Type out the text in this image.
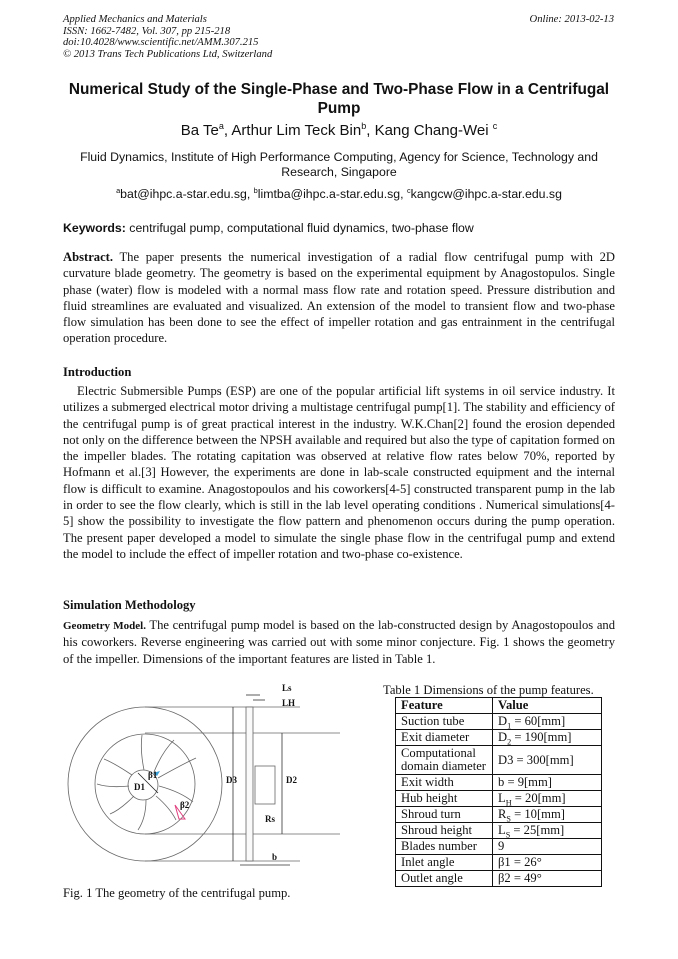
Applied Mechanics and Materials
ISSN: 1662-7482, Vol. 307, pp 215-218
doi:10.4028/www.scientific.net/AMM.307.215
© 2013 Trans Tech Publications Ltd, Switzerland
Online: 2013-02-13
Numerical Study of the Single-Phase and Two-Phase Flow in a Centrifugal Pump
Ba Te$^a$, Arthur Lim Teck Bin$^b$, Kang Chang-Wei $^c$
Fluid Dynamics, Institute of High Performance Computing, Agency for Science, Technology and Research, Singapore
$^a$bat@ihpc.a-star.edu.sg, $^b$limtba@ihpc.a-star.edu.sg, $^c$kangcw@ihpc.a-star.edu.sg
Keywords: centrifugal pump, computational fluid dynamics, two-phase flow

Abstract. The paper presents the numerical investigation of a radial flow centrifugal pump with 2D curvature blade geometry. The geometry is based on the experimental equipment by Anagostopulos. Single phase (water) flow is modeled with a normal mass flow rate and rotation speed. Pressure distribution and fluid streamlines are evaluated and visualized. An extension of the model to transient flow and two-phase flow simulation has been done to see the effect of impeller rotation and gas entrainment in the centrifugal operation procedure.

Introduction

Electric Submersible Pumps (ESP) are one of the popular artificial lift systems in oil service industry. It utilizes a submerged electrical motor driving a multistage centrifugal pump[1]. The stability and efficiency of the centrifugal pump is of great practical interest in the industry. W.K.Chan[2] found the erosion depended not only on the difference between the NPSH available and required but also the type of capitation formed on the impeller blades. The rotating capitation was observed at relative flow rates below 70%, reported by Hofmann et al.[3] However, the experiments are done in lab-scale constructed equipment and the internal flow is difficult to examine. Anagostopoulos and his coworkers[4-5] constructed transparent pump in the lab in order to see the flow clearly, which is still in the lab level operating conditions . Numerical simulations[4-5] show the possibility to investigate the flow pattern and phenomenon occurs during the pump operation. The present paper developed a model to simulate the single phase flow in the centrifugal pump and extend the model to include the effect of impeller rotation and two-phase co-existence.

Simulation Methodology

Geometry Model. The centrifugal pump model is based on the lab-constructed design by Anagostopoulos and his coworkers. Reverse engineering was carried out with some minor conjecture. Fig. 1 shows the geometry of the impeller. Dimensions of the important features are listed in Table 1.

Ls
LH
D3	D2
D1
β1
β2
Rs
b
Fig. 1 The geometry of the centrifugal pump.
Table 1 Dimensions of the pump features.
Feature	Value
Suction tube	$D_1 = 60[mm]$
Exit diameter	$D_2 = 190[mm]$
Computational domain diameter	D3 = 300[mm]
Exit width	b = 9[mm]
Hub height	$L_H = 20[mm]$
Shroud turn	$R_S = 10[mm]$
Shroud height	$L_S = 25[mm]$
Blades number	9
Inlet angle	β1 = 26°
Outlet angle	β2 = 49°
